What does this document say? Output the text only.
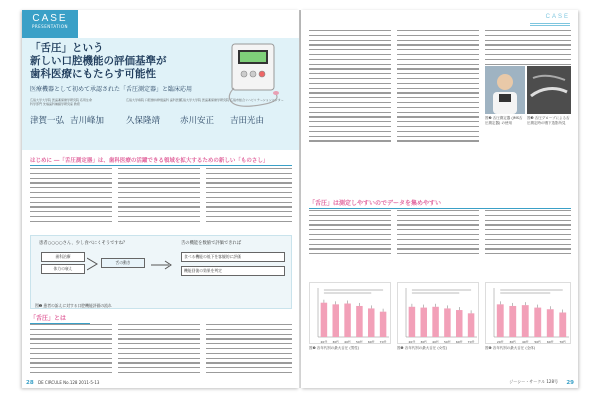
CASE
PRESENTATION
「舌圧」という
新しい口腔機能の評価基準が
歯科医療にもたらす可能性
医療機器として初めて承認された「舌圧測定器」と臨床応用
広島大学大学院 医歯薬保健学研究院 応用生命科学部門 先端歯科補綴学研究室 教授
津賀一弘 吉川峰加
広島大学病院 口腔維持修復歯科 歯科医師
久保隆靖
広島大学大学院 医歯薬保健学研究院
赤川安正
広島市総合リハビリテーションセンター
吉田光由
はじめに ―「舌圧測定器」は、歯科医療の活躍できる領域を拡大するための新しい「ものさし」
患者○○○○さん、少し食べにくそうですね？
歯科治療
体力の衰え
舌の動き
舌の機能を数値で評価できれば
食べる機能の低下を客観的に評価
機能回復の効果を判定
図❶ 患者の訴えに対する口腔機能評価の流れ
「舌圧」とは
28 DE CIRCULE No.128 2011-5-13
CASE
図❷ 舌圧測定器 (JMS舌圧測定器) の使用
図❸ 舌圧プローブによる舌圧測定時の嚥下造影所見
「舌圧」は測定しやすいのでデータを集めやすい
20代 30代 40代 50代 60代 70代	20代 30代 40代 50代 60代 70代	20代 30代 40代 50代 60代 70代
図❹ 各年代別の最大舌圧 (男性)	図❺ 各年代別の最大舌圧 (女性)	図❻ 各年代別の最大舌圧 (全体)
ジーシー・サークル 128号 29
